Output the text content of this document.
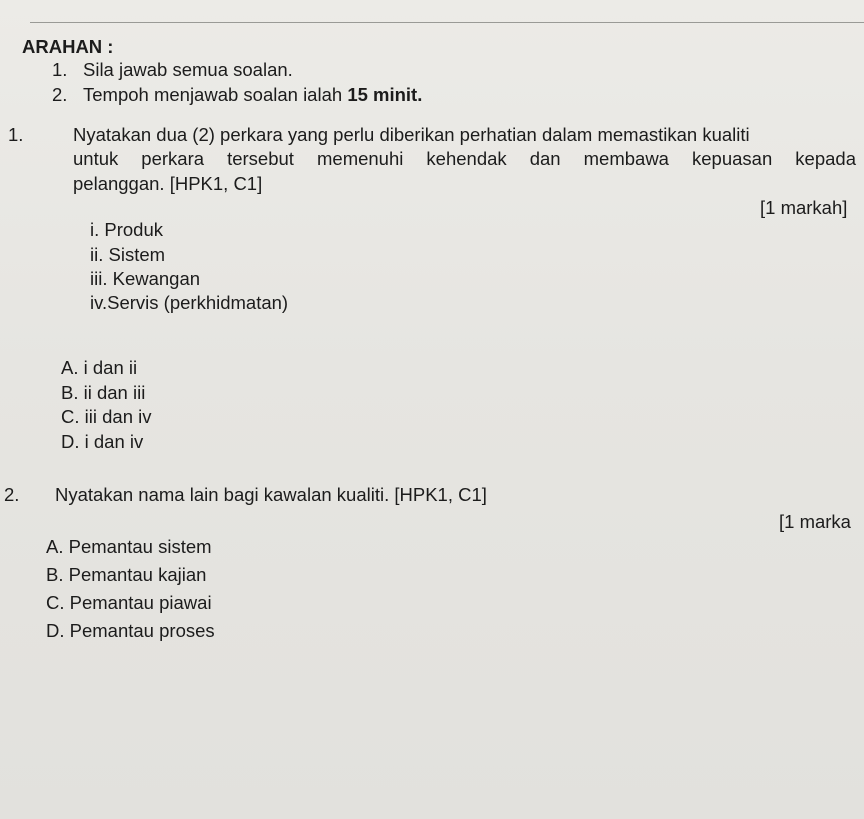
ARAHAN :
1. Sila jawab semua soalan.
2. Tempoh menjawab soalan ialah 15 minit.
1.	Nyatakan dua (2) perkara yang perlu diberikan perhatian dalam memastikan kualiti
untuk perkara tersebut memenuhi kehendak dan membawa kepuasan kepada
pelanggan. [HPK1, C1]
[1 markah]
i. Produk
ii. Sistem
iii. Kewangan
iv.Servis (perkhidmatan)
A. i dan ii
B. ii dan iii
C. iii dan iv
D. i dan iv
2. Nyatakan nama lain bagi kawalan kualiti. [HPK1, C1]
[1 marka
A. Pemantau sistem
B. Pemantau kajian
C. Pemantau piawai
D. Pemantau proses
